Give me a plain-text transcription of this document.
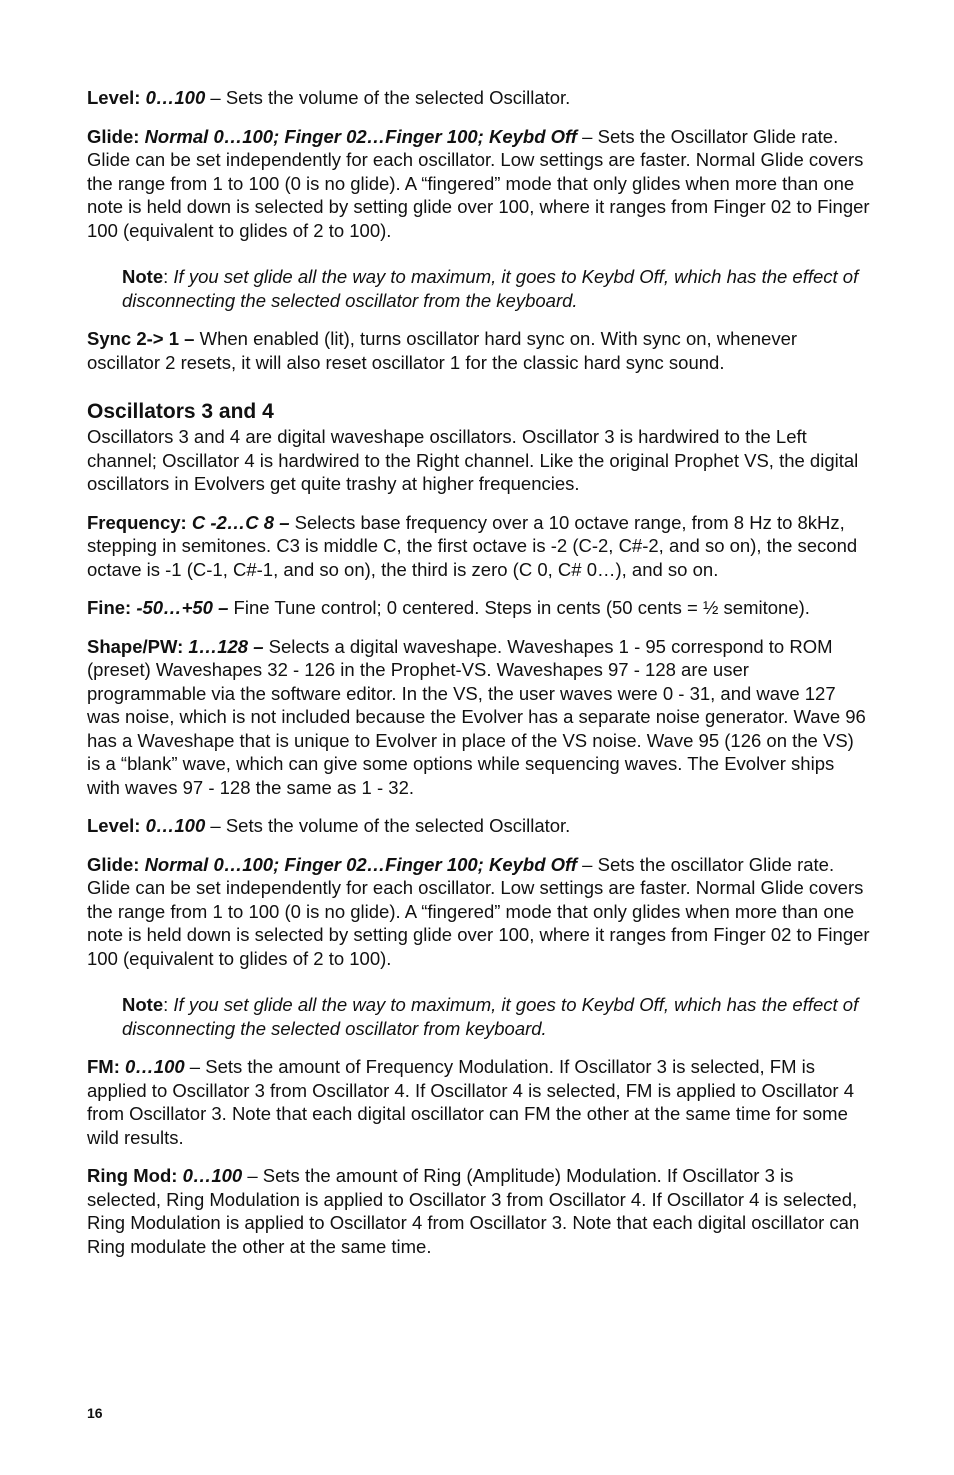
Level: 0…100 – Sets the volume of the selected Oscillator.

Glide: Normal 0…100; Finger 02…Finger 100; Keybd Off – Sets the Oscillator Glide rate. Glide can be set independently for each oscillator. Low settings are faster. Normal Glide covers the range from 1 to 100 (0 is no glide). A “fingered” mode that only glides when more than one note is held down is selected by setting glide over 100, where it ranges from Finger 02 to Finger 100 (equivalent to glides of 2 to 100).

Note: If you set glide all the way to maximum, it goes to Keybd Off, which has the effect of disconnecting the selected oscillator from the keyboard.

Sync 2-> 1 – When enabled (lit), turns oscillator hard sync on. With sync on, whenever oscillator 2 resets, it will also reset oscillator 1 for the classic hard sync sound.

Oscillators 3 and 4

Oscillators 3 and 4 are digital waveshape oscillators. Oscillator 3 is hardwired to the Left channel; Oscillator 4 is hardwired to the Right channel. Like the original Prophet VS, the digital oscillators in Evolvers get quite trashy at higher frequencies.

Frequency: C -2…C 8 – Selects base frequency over a 10 octave range, from 8 Hz to 8kHz, stepping in semitones. C3 is middle C, the first octave is -2 (C-2, C#-2, and so on), the second octave is -1 (C-1, C#-1, and so on), the third is zero (C 0, C# 0…), and so on.

Fine: -50…+50 – Fine Tune control; 0 centered. Steps in cents (50 cents = ½ semitone).

Shape/PW: 1…128 – Selects a digital waveshape. Waveshapes 1 - 95 correspond to ROM (preset) Waveshapes 32 - 126 in the Prophet-VS. Waveshapes 97 - 128 are user programmable via the software editor. In the VS, the user waves were 0 - 31, and wave 127 was noise, which is not included because the Evolver has a separate noise generator. Wave 96 has a Waveshape that is unique to Evolver in place of the VS noise. Wave 95 (126 on the VS) is a “blank” wave, which can give some options while sequencing waves. The Evolver ships with waves 97 - 128 the same as 1 - 32.

Level: 0…100 – Sets the volume of the selected Oscillator.

Glide: Normal 0…100; Finger 02…Finger 100; Keybd Off – Sets the oscillator Glide rate. Glide can be set independently for each oscillator. Low settings are faster. Normal Glide covers the range from 1 to 100 (0 is no glide). A “fingered” mode that only glides when more than one note is held down is selected by setting glide over 100, where it ranges from Finger 02 to Finger 100 (equivalent to glides of 2 to 100).

Note: If you set glide all the way to maximum, it goes to Keybd Off, which has the effect of disconnecting the selected oscillator from keyboard.

FM: 0…100 – Sets the amount of Frequency Modulation. If Oscillator 3 is selected, FM is applied to Oscillator 3 from Oscillator 4. If Oscillator 4 is selected, FM is applied to Oscillator 4 from Oscillator 3. Note that each digital oscillator can FM the other at the same time for some wild results.

Ring Mod: 0…100 – Sets the amount of Ring (Amplitude) Modulation. If Oscillator 3 is selected, Ring Modulation is applied to Oscillator 3 from Oscillator 4. If Oscillator 4 is selected, Ring Modulation is applied to Oscillator 4 from Oscillator 3. Note that each digital oscillator can Ring modulate the other at the same time.

16
